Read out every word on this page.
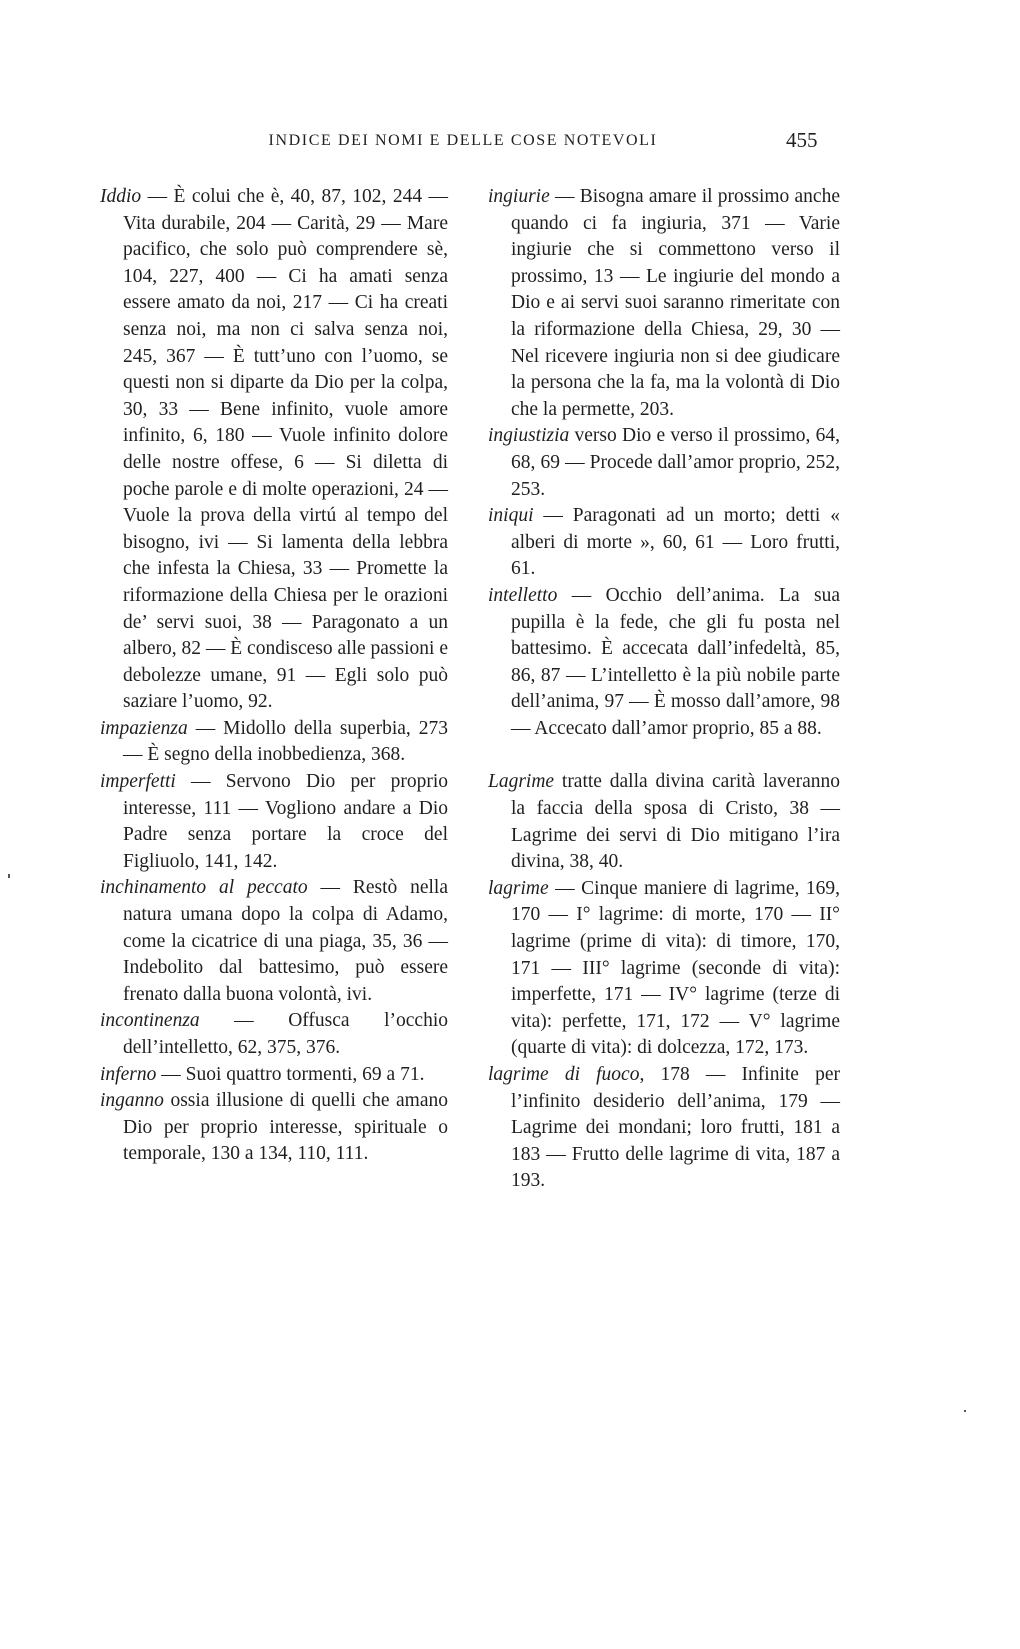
INDICE DEI NOMI E DELLE COSE NOTEVOLI	455

Iddio — È colui che è, 40, 87, 102, 244 — Vita durabile, 204 — Carità, 29 — Mare pacifico, che solo può comprendere sè, 104, 227, 400 — Ci ha amati senza essere amato da noi, 217 — Ci ha creati senza noi, ma non ci salva senza noi, 245, 367 — È tutt’uno con l’uomo, se questi non si diparte da Dio per la colpa, 30, 33 — Bene infinito, vuole amore infinito, 6, 180 — Vuole infinito dolore delle nostre offese, 6 — Si diletta di poche parole e di molte operazioni, 24 — Vuole la prova della virtú al tempo del bisogno, ivi — Si lamenta della lebbra che infesta la Chiesa, 33 — Promette la riformazione della Chiesa per le orazioni de’ servi suoi, 38 — Paragonato a un albero, 82 — È condisceso alle passioni e debolezze umane, 91 — Egli solo può saziare l’uomo, 92.

impazienza — Midollo della superbia, 273 — È segno della inobbedienza, 368.

imperfetti — Servono Dio per proprio interesse, 111 — Vogliono andare a Dio Padre senza portare la croce del Figliuolo, 141, 142.

inchinamento al peccato — Restò nella natura umana dopo la colpa di Adamo, come la cicatrice di una piaga, 35, 36 — Indebolito dal battesimo, può essere frenato dalla buona volontà, ivi.

incontinenza — Offusca l’occhio dell’intelletto, 62, 375, 376.

inferno — Suoi quattro tormenti, 69 a 71.

inganno ossia illusione di quelli che amano Dio per proprio interesse, spirituale o temporale, 130 a 134, 110, 111.

ingiurie — Bisogna amare il prossimo anche quando ci fa ingiuria, 371 — Varie ingiurie che si commettono verso il prossimo, 13 — Le ingiurie del mondo a Dio e ai servi suoi saranno rimeritate con la riformazione della Chiesa, 29, 30 — Nel ricevere ingiuria non si dee giudicare la persona che la fa, ma la volontà di Dio che la permette, 203.

ingiustizia verso Dio e verso il prossimo, 64, 68, 69 — Procede dall’amor proprio, 252, 253.

iniqui — Paragonati ad un morto; detti « alberi di morte », 60, 61 — Loro frutti, 61.

intelletto — Occhio dell’anima. La sua pupilla è la fede, che gli fu posta nel battesimo. È accecata dall’infedeltà, 85, 86, 87 — L’intelletto è la più nobile parte dell’anima, 97 — È mosso dall’amore, 98 — Accecato dall’amor proprio, 85 a 88.

Lagrime tratte dalla divina carità laveranno la faccia della sposa di Cristo, 38 — Lagrime dei servi di Dio mitigano l’ira divina, 38, 40.

lagrime — Cinque maniere di lagrime, 169, 170 — I° lagrime: di morte, 170 — II° lagrime (prime di vita): di timore, 170, 171 — III° lagrime (seconde di vita): imperfette, 171 — IV° lagrime (terze di vita): perfette, 171, 172 — V° lagrime (quarte di vita): di dolcezza, 172, 173.

lagrime di fuoco, 178 — Infinite per l’infinito desiderio dell’anima, 179 — Lagrime dei mondani; loro frutti, 181 a 183 — Frutto delle lagrime di vita, 187 a 193.
